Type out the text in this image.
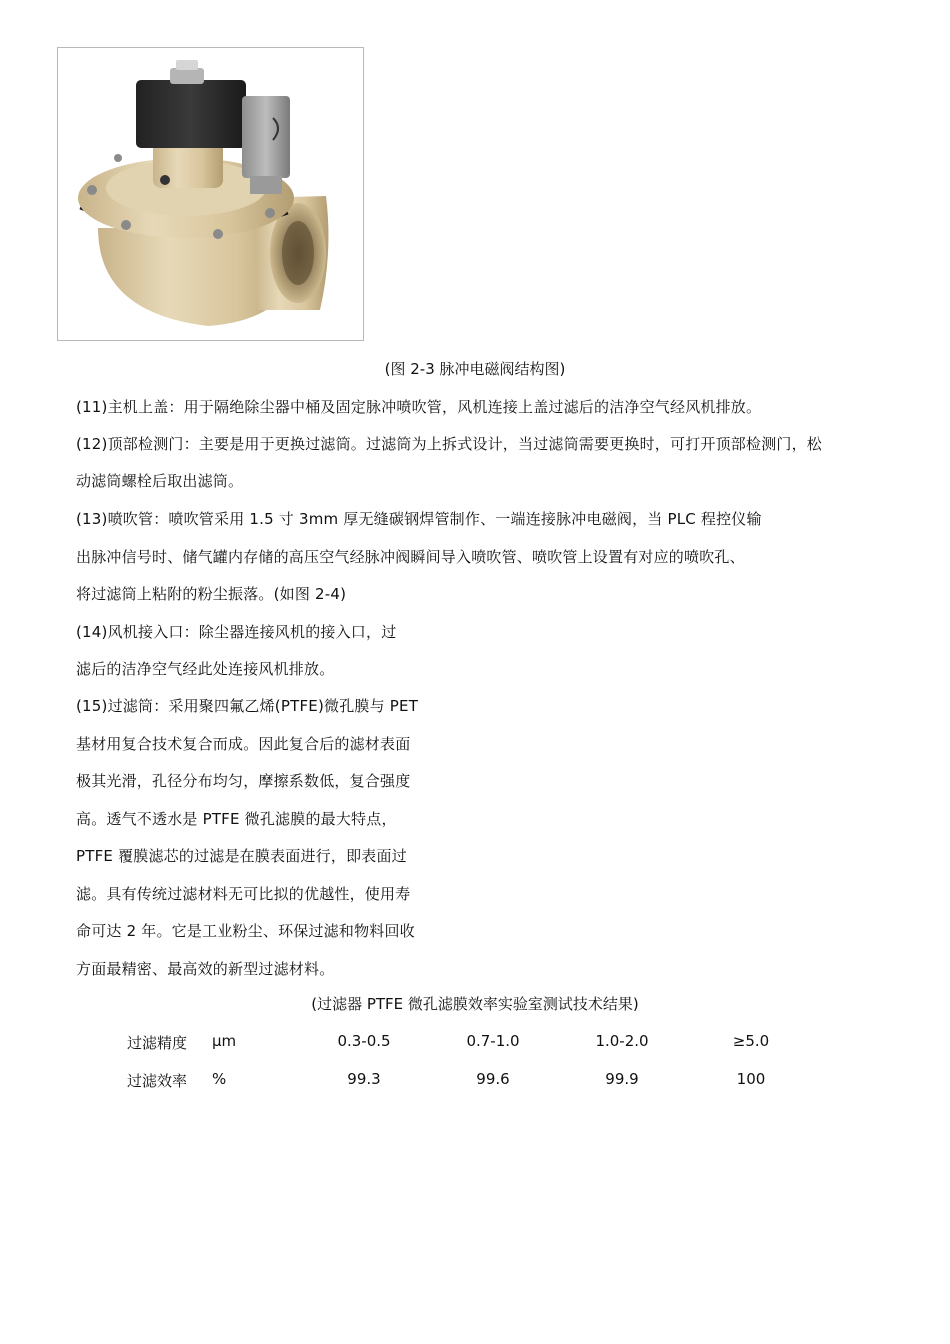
(图 2-3 脉冲电磁阀结构图)
(11)主机上盖：用于隔绝除尘器中桶及固定脉冲喷吹管，风机连接上盖过滤后的洁净空气经风机排放。
(12)顶部检测门：主要是用于更换过滤筒。过滤筒为上拆式设计，当过滤筒需要更换时，可打开顶部检测门，松
动滤筒螺栓后取出滤筒。
(13)喷吹管：喷吹管采用 1.5 寸 3mm 厚无缝碳钢焊管制作、一端连接脉冲电磁阀，当 PLC 程控仪输
出脉冲信号时、储气罐内存储的高压空气经脉冲阀瞬间导入喷吹管、喷吹管上设置有对应的喷吹孔、
将过滤筒上粘附的粉尘振落。(如图 2-4)
(14)风机接入口：除尘器连接风机的接入口，过
滤后的洁净空气经此处连接风机排放。
(15)过滤筒：采用聚四氟乙烯(PTFE)微孔膜与 PET
基材用复合技术复合而成。因此复合后的滤材表面
极其光滑，孔径分布均匀，摩擦系数低，复合强度
高。透气不透水是 PTFE 微孔滤膜的最大特点，
PTFE 覆膜滤芯的过滤是在膜表面进行，即表面过
滤。具有传统过滤材料无可比拟的优越性，使用寿
命可达 2 年。它是工业粉尘、环保过滤和物料回收
方面最精密、最高效的新型过滤材料。
(过滤器 PTFE 微孔滤膜效率实验室测试技术结果)
过滤精度 μm	0.3-0.5	0.7-1.0	1.0-2.0	≥5.0
过滤效率 %	99.3	99.6	99.9	100
